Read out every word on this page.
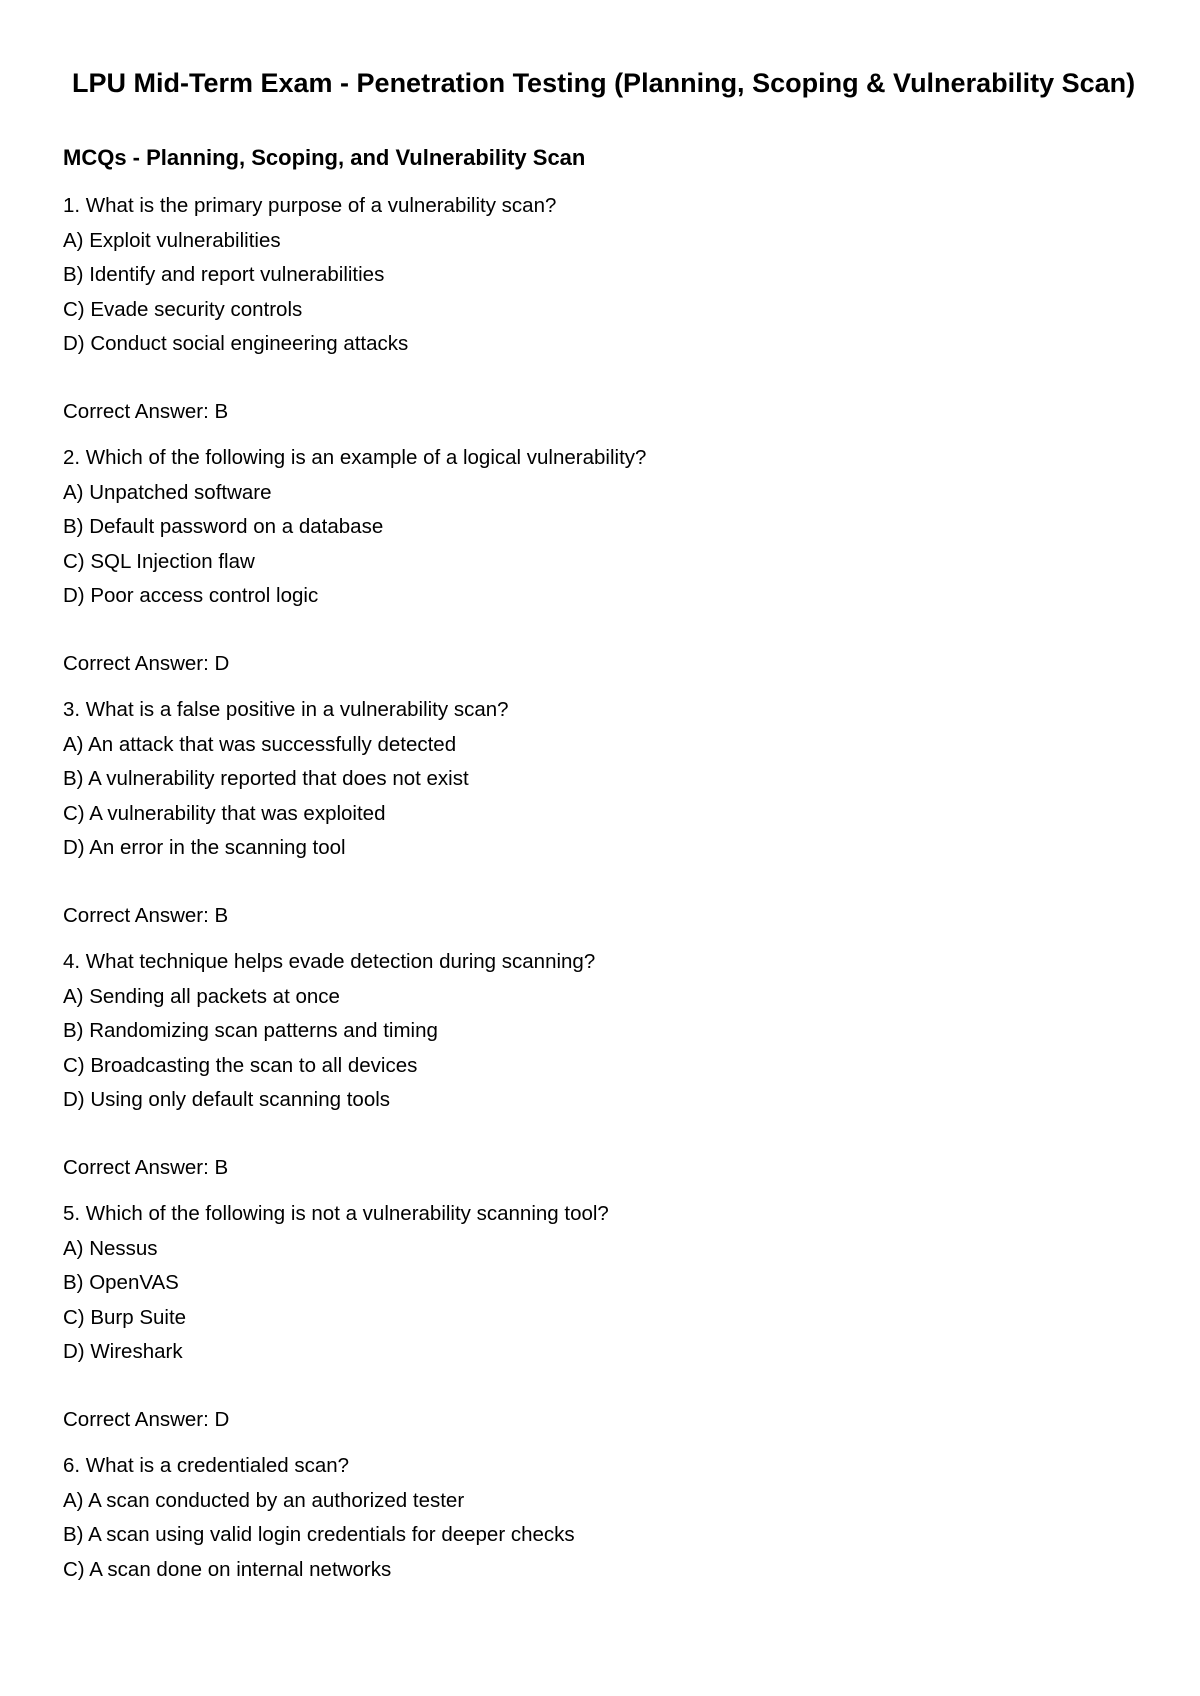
LPU Mid-Term Exam - Penetration Testing (Planning, Scoping & Vulnerability Scan)
MCQs - Planning, Scoping, and Vulnerability Scan
1. What is the primary purpose of a vulnerability scan?
A) Exploit vulnerabilities
B) Identify and report vulnerabilities
C) Evade security controls
D) Conduct social engineering attacks
Correct Answer: B
2. Which of the following is an example of a logical vulnerability?
A) Unpatched software
B) Default password on a database
C) SQL Injection flaw
D) Poor access control logic
Correct Answer: D
3. What is a false positive in a vulnerability scan?
A) An attack that was successfully detected
B) A vulnerability reported that does not exist
C) A vulnerability that was exploited
D) An error in the scanning tool
Correct Answer: B
4. What technique helps evade detection during scanning?
A) Sending all packets at once
B) Randomizing scan patterns and timing
C) Broadcasting the scan to all devices
D) Using only default scanning tools
Correct Answer: B
5. Which of the following is not a vulnerability scanning tool?
A) Nessus
B) OpenVAS
C) Burp Suite
D) Wireshark
Correct Answer: D
6. What is a credentialed scan?
A) A scan conducted by an authorized tester
B) A scan using valid login credentials for deeper checks
C) A scan done on internal networks
